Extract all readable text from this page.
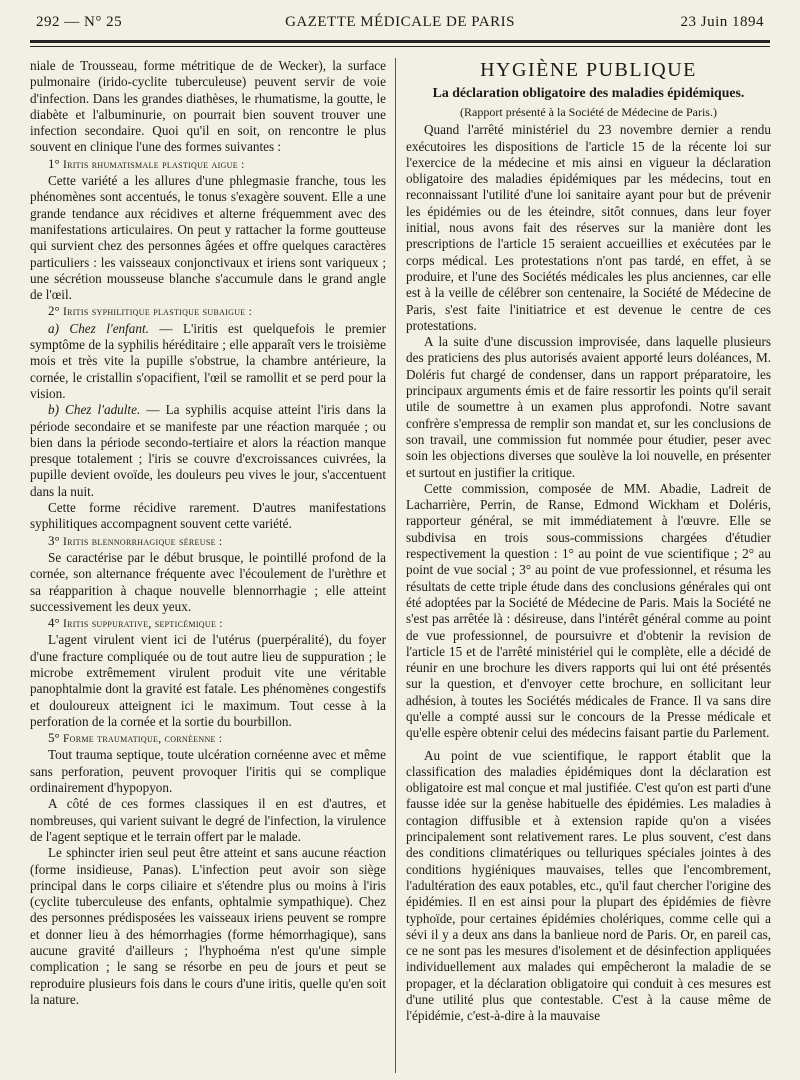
292 — N° 25	GAZETTE MÉDICALE DE PARIS	23 Juin 1894

niale de Trousseau, forme métritique de de Wecker), la surface pulmonaire (irido-cyclite tuberculeuse) peuvent servir de voie d'infection. Dans les grandes diathèses, le rhumatisme, la goutte, le diabète et l'albuminurie, on pourrait bien souvent trouver une infection secondaire. Quoi qu'il en soit, on rencontre le plus souvent en clinique l'une des formes suivantes :

1° Iritis rhumatismale plastique aigue :

Cette variété a les allures d'une phlegmasie franche, tous les phénomènes sont accentués, le tonus s'exagère souvent. Elle a une grande tendance aux récidives et alterne fréquemment avec des manifestations articulaires. On peut y rattacher la forme goutteuse qui survient chez des personnes âgées et offre quelques caractères particuliers : les vaisseaux conjonctivaux et iriens sont variqueux ; une sécrétion mousseuse blanche s'accumule dans le grand angle de l'œil.

2° Iritis syphilitique plastique subaigue :

a) Chez l'enfant. — L'iritis est quelquefois le premier symptôme de la syphilis héréditaire ; elle apparaît vers le troisième mois et très vite la pupille s'obstrue, la chambre antérieure, la cornée, le cristallin s'opacifient, l'œil se ramollit et se perd pour la vision.

b) Chez l'adulte. — La syphilis acquise atteint l'iris dans la période secondaire et se manifeste par une réaction marquée ; ou bien dans la période secondo-tertiaire et alors la réaction manque presque totalement ; l'iris se couvre d'excroissances cuivrées, la pupille devient ovoïde, les douleurs peu vives le jour, s'accentuent dans la nuit.

Cette forme récidive rarement. D'autres manifestations syphilitiques accompagnent souvent cette variété.

3° Iritis blennorrhagique séreuse :

Se caractérise par le début brusque, le pointillé profond de la cornée, son alternance fréquente avec l'écoulement de l'urèthre et sa réapparition à chaque nouvelle blennorrhagie ; elle atteint successivement les deux yeux.

4° Iritis suppurative, septicémique :

L'agent virulent vient ici de l'utérus (puerpéralité), du foyer d'une fracture compliquée ou de tout autre lieu de suppuration ; le microbe extrêmement virulent produit vite une véritable panophtalmie dont la gravité est fatale. Les phénomènes congestifs et douloureux atteignent ici le maximum. Tout cesse à la perforation de la cornée et la sortie du bourbillon.

5° Forme traumatique, cornéenne :

Tout trauma septique, toute ulcération cornéenne avec et même sans perforation, peuvent provoquer l'iritis qui se complique ordinairement d'hypopyon.

A côté de ces formes classiques il en est d'autres, et nombreuses, qui varient suivant le degré de l'infection, la virulence de l'agent septique et le terrain offert par le malade.

Le sphincter irien seul peut être atteint et sans aucune réaction (forme insidieuse, Panas). L'infection peut avoir son siège principal dans le corps ciliaire et s'étendre plus ou moins à l'iris (cyclite tuberculeuse des enfants, ophtalmie sympathique). Chez des personnes prédisposées les vaisseaux iriens peuvent se rompre et donner lieu à des hémorrhagies (forme hémorrhagique), sans aucune gravité d'ailleurs ; l'hyphoéma n'est qu'une simple complication ; le sang se résorbe en peu de jours et peut se reproduire plusieurs fois dans le cours d'une iritis, quelle qu'en soit la nature.

HYGIÈNE PUBLIQUE
La déclaration obligatoire des maladies épidémiques.
(Rapport présenté à la Société de Médecine de Paris.)

Quand l'arrêté ministériel du 23 novembre dernier a rendu exécutoires les dispositions de l'article 15 de la récente loi sur l'exercice de la médecine et mis ainsi en vigueur la déclaration obligatoire des maladies épidémiques par les médecins, tout en reconnaissant l'utilité d'une loi sanitaire ayant pour but de prévenir les épidémies ou de les éteindre, sitôt connues, dans leur foyer initial, nous avons fait des réserves sur la manière dont les prescriptions de l'article 15 seraient accueillies et exécutées par le corps médical. Les protestations n'ont pas tardé, en effet, à se produire, et l'une des Sociétés médicales les plus anciennes, car elle est à la veille de célébrer son centenaire, la Société de Médecine de Paris, s'est faite l'initiatrice et est devenue le centre de ces protestations.

A la suite d'une discussion improvisée, dans laquelle plusieurs des praticiens des plus autorisés avaient apporté leurs doléances, M. Doléris fut chargé de condenser, dans un rapport préparatoire, les principaux arguments émis et de faire ressortir les points qu'il serait utile de soumettre à un examen plus approfondi. Notre savant confrère s'empressa de remplir son mandat et, sur les conclusions de son travail, une commission fut nommée pour étudier, peser avec soin les objections diverses que soulève la loi nouvelle, en présenter et surtout en justifier la critique.

Cette commission, composée de MM. Abadie, Ladreit de Lacharrière, Perrin, de Ranse, Edmond Wickham et Doléris, rapporteur général, se mit immédiatement à l'œuvre. Elle se subdivisa en trois sous-commissions chargées d'étudier respectivement la question : 1° au point de vue scientifique ; 2° au point de vue social ; 3° au point de vue professionnel, et résuma les résultats de cette triple étude dans des conclusions générales qui ont été adoptées par la Société de Médecine de Paris. Mais la Société ne s'est pas arrêtée là : désireuse, dans l'intérêt général comme au point de vue professionnel, de poursuivre et d'obtenir la revision de l'article 15 et de l'arrêté ministériel qui le complète, elle a décidé de réunir en une brochure les divers rapports qui lui ont été présentés sur la question, et d'envoyer cette brochure, en sollicitant leur adhésion, à toutes les Sociétés médicales de France. Il va sans dire qu'elle a compté aussi sur le concours de la Presse médicale et qu'elle espère obtenir celui des médecins faisant partie du Parlement.

Au point de vue scientifique, le rapport établit que la classification des maladies épidémiques dont la déclaration est obligatoire est mal conçue et mal justifiée. C'est qu'on est parti d'une fausse idée sur la genèse habituelle des épidémies. Les maladies à contagion diffusible et à extension rapide qu'on a visées principalement sont relativement rares. Le plus souvent, c'est dans des conditions climatériques ou telluriques spéciales jointes à des conditions hygiéniques mauvaises, telles que l'encombrement, l'adultération des eaux potables, etc., qu'il faut chercher l'origine des épidémies. Il en est ainsi pour la plupart des épidémies de fièvre typhoïde, pour certaines épidémies cholériques, comme celle qui a sévi il y a deux ans dans la banlieue nord de Paris. Or, en pareil cas, ce ne sont pas les mesures d'isolement et de désinfection appliquées individuellement aux malades qui empêcheront la maladie de se propager, et la déclaration obligatoire qui conduit à ces mesures est d'une utilité plus que contestable. C'est à la cause même de l'épidémie, c'est-à-dire à la mauvaise
